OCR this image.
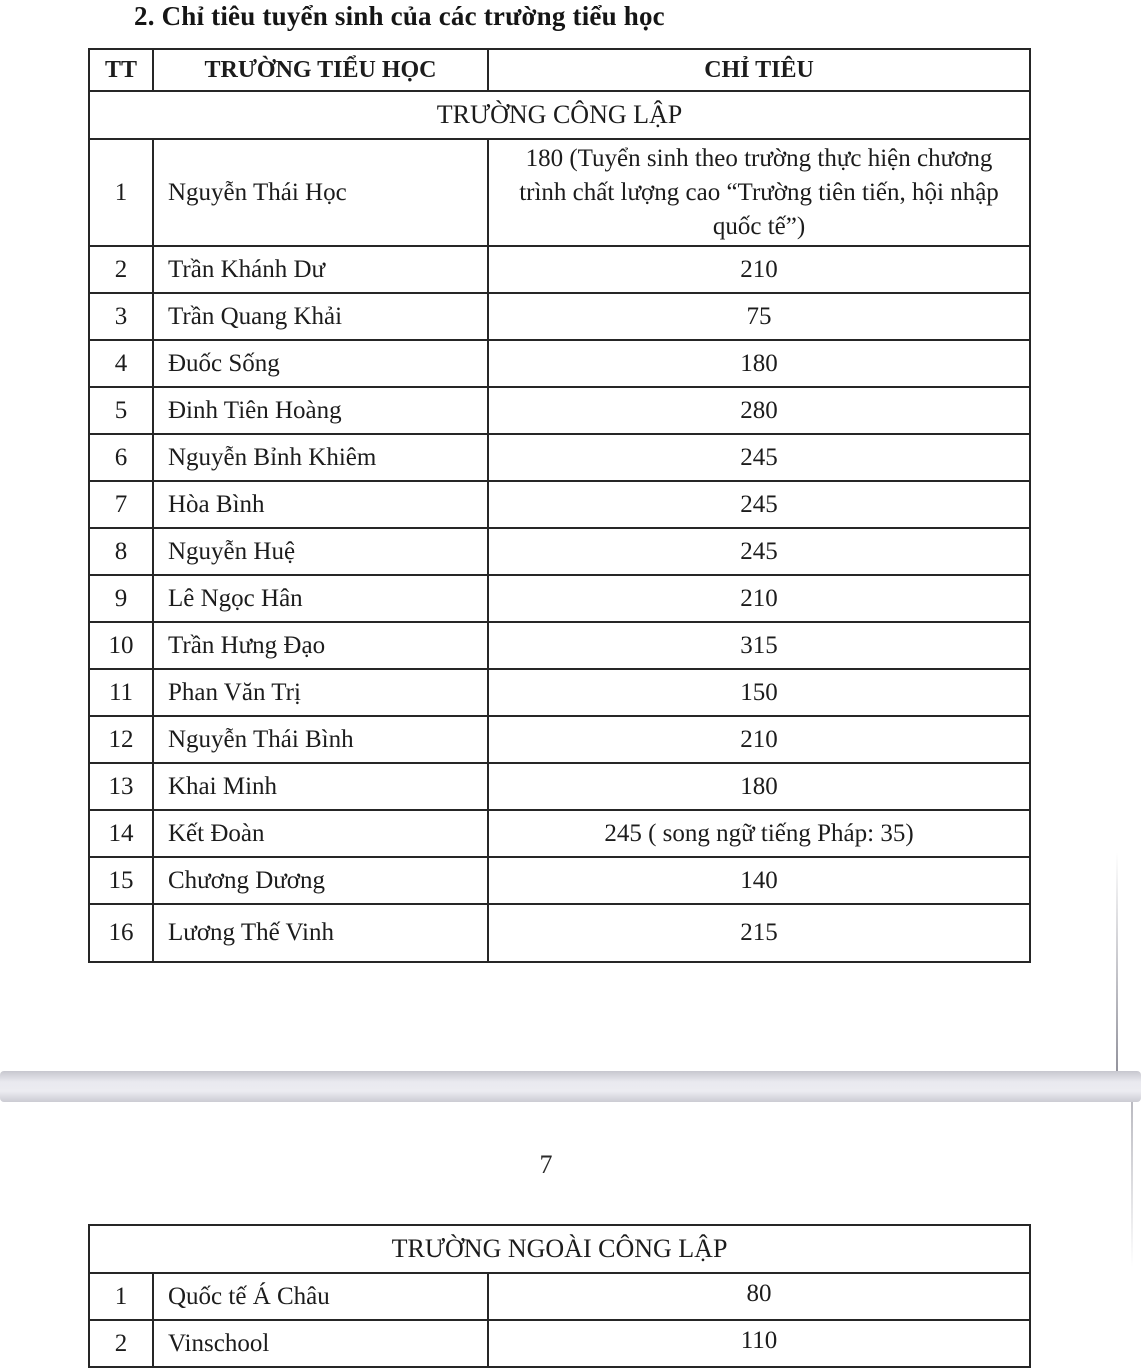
2. Chỉ tiêu tuyển sinh của các trường tiểu học
TT	TRƯỜNG TIỂU HỌC	CHỈ TIÊU
TRƯỜNG CÔNG LẬP		
1	Nguyễn Thái Học	180 (Tuyển sinh theo trường thực hiện chương trình chất lượng cao “Trường tiên tiến, hội nhập quốc tế”)
2	Trần Khánh Dư	210
3	Trần Quang Khải	75
4	Đuốc Sống	180
5	Đinh Tiên Hoàng	280
6	Nguyễn Bỉnh Khiêm	245
7	Hòa Bình	245
8	Nguyễn Huệ	245
9	Lê Ngọc Hân	210
10	Trần Hưng Đạo	315
11	Phan Văn Trị	150
12	Nguyễn Thái Bình	210
13	Khai Minh	180
14	Kết Đoàn	245 ( song ngữ tiếng Pháp: 35)
15	Chương Dương	140
16	Lương Thế Vinh	215
7
TRƯỜNG NGOÀI CÔNG LẬP		
1	Quốc tế Á Châu	80
2	Vinschool	110
